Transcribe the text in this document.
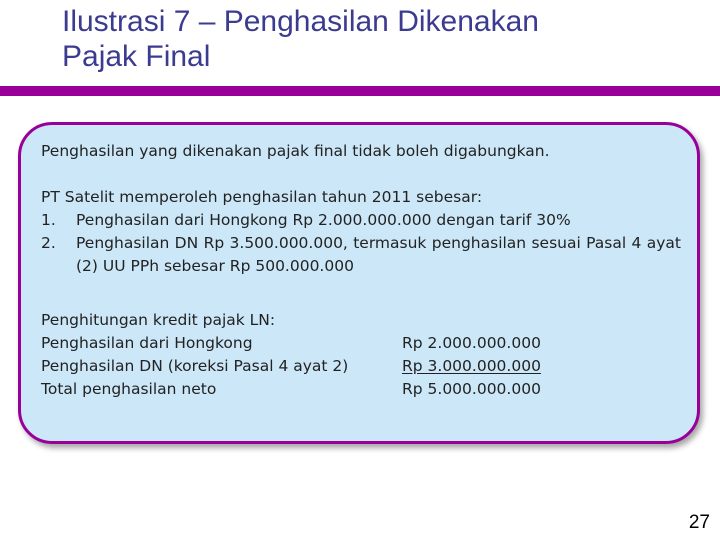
Ilustrasi 7 – Penghasilan Dikenakan
Pajak Final

Penghasilan yang dikenakan pajak final tidak boleh digabungkan.

PT Satelit memperoleh penghasilan tahun 2011 sebesar:

1.	Penghasilan dari Hongkong Rp 2.000.000.000 dengan tarif 30%
2.	Penghasilan DN Rp 3.500.000.000, termasuk penghasilan sesuai Pasal 4 ayat (2) UU PPh sebesar Rp 500.000.000

Penghitungan kredit pajak LN:

Penghasilan dari Hongkong	Rp 2.000.000.000
Penghasilan DN (koreksi Pasal 4 ayat 2)	Rp 3.000.000.000
Total penghasilan neto	Rp 5.000.000.000
27
